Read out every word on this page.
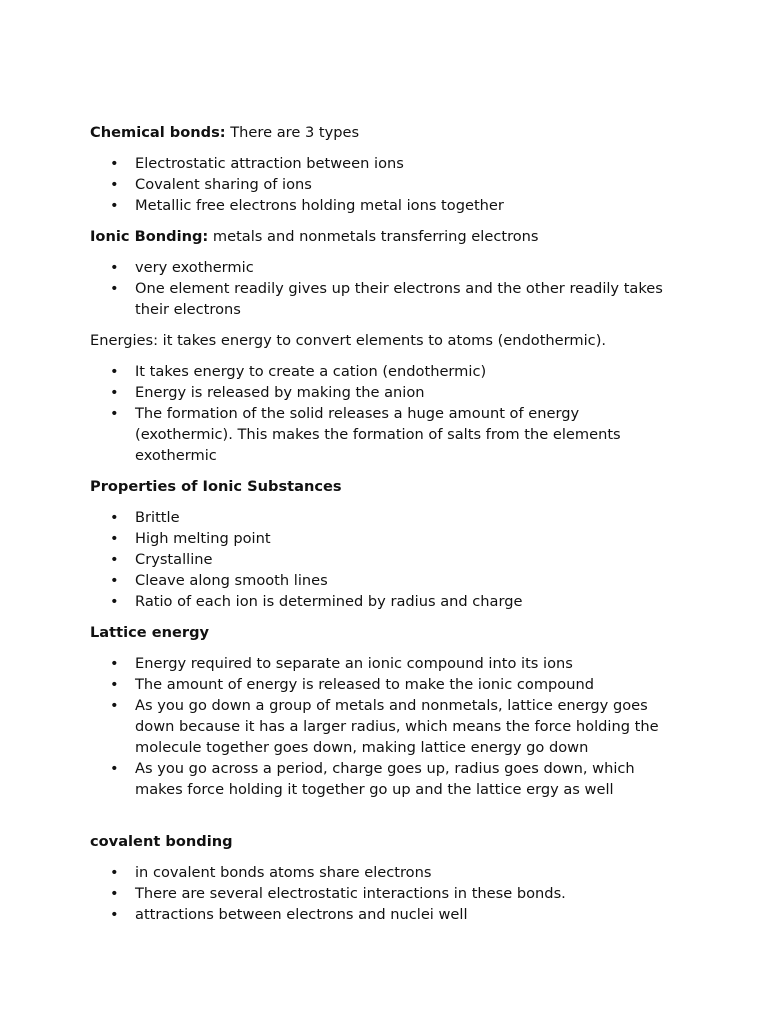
Chemical bonds: There are 3 types

• Electrostatic attraction between ions
• Covalent sharing of ions
• Metallic free electrons holding metal ions together

Ionic Bonding: metals and nonmetals transferring electrons

• very exothermic
• One element readily gives up their electrons and the other readily takes their electrons

Energies: it takes energy to convert elements to atoms (endothermic).

• It takes energy to create a cation (endothermic)
• Energy is released by making the anion
• The formation of the solid releases a huge amount of energy (exothermic). This makes the formation of salts from the elements exothermic

Properties of Ionic Substances

• Brittle
• High melting point
• Crystalline
• Cleave along smooth lines
• Ratio of each ion is determined by radius and charge

Lattice energy

• Energy required to separate an ionic compound into its ions
• The amount of energy is released to make the ionic compound
• As you go down a group of metals and nonmetals, lattice energy goes down because it has a larger radius, which means the force holding the molecule together goes down, making lattice energy go down
• As you go across a period, charge goes up, radius goes down, which makes force holding it together go up and the lattice ergy as well

covalent bonding

• in covalent bonds atoms share electrons
• There are several electrostatic interactions in these bonds.
• attractions between electrons and nuclei well
